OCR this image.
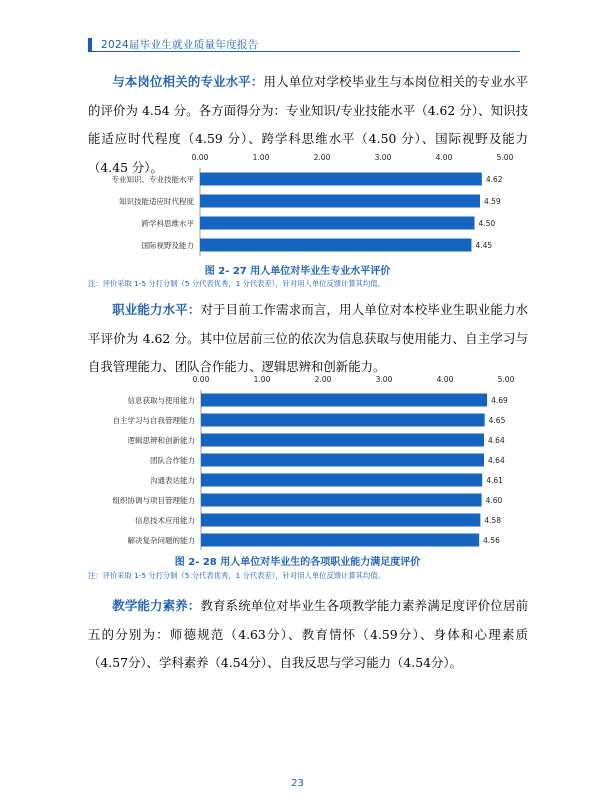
2024届毕业生就业质量年度报告

与本岗位相关的专业水平：用人单位对学校毕业生与本岗位相关的专业水平的评价为 4.54 分。各方面得分为：专业知识/专业技能水平（4.62 分）、知识技能适应时代程度（4.59 分）、跨学科思维水平（4.50 分）、国际视野及能力（4.45 分）。

0.00	1.00	2.00	3.00	4.00	5.00
专业知识、专业技能水平	4.62
知识技能适应时代程度	4.59
跨学科思维水平	4.50
国际视野及能力	4.45
图 2- 27 用人单位对毕业生专业水平评价
注：评价采取 1-5 分打分制（5 分代表优秀，1 分代表差），针对用人单位反馈计算其均值。

职业能力水平：对于目前工作需求而言，用人单位对本校毕业生职业能力水平评价为 4.62 分。其中位居前三位的依次为信息获取与使用能力、自主学习与自我管理能力、团队合作能力、逻辑思辨和创新能力。

0.00	1.00	2.00	3.00	4.00	5.00
信息获取与使用能力	4.69
自主学习与自我管理能力	4.65
逻辑思辨和创新能力	4.64
团队合作能力	4.64
沟通表达能力	4.61
组织协调与项目管理能力	4.60
信息技术应用能力	4.58
解决复杂问题的能力	4.56
图 2- 28 用人单位对毕业生的各项职业能力满足度评价
注：评价采取 1-5 分打分制（5 分代表优秀，1 分代表差），针对用人单位反馈计算其均值。

教学能力素养：教育系统单位对毕业生各项教学能力素养满足度评价位居前五的分别为：师德规范（4.63分）、教育情怀（4.59分）、身体和心理素质（4.57分）、学科素养（4.54分）、自我反思与学习能力（4.54分）。

23
